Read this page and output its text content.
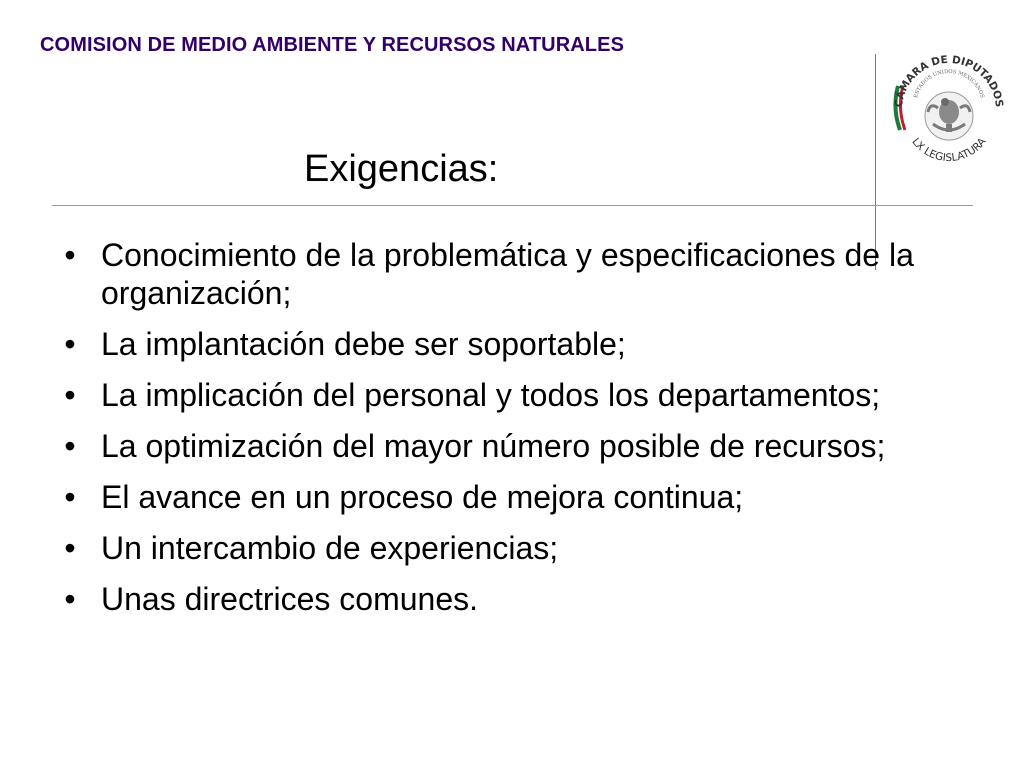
COMISION DE MEDIO AMBIENTE Y RECURSOS NATURALES
CÁMARA DE DIPUTADOS
ESTADOS UNIDOS MEXICANOS
LX LEGISLATURA
Exigencias:
• Conocimiento de la problemática y especificaciones de la organización;
• La implantación debe ser soportable;
• La implicación del personal y todos los departamentos;
• La optimización del mayor número posible de recursos;
• El avance en un proceso de mejora continua;
• Un intercambio de experiencias;
• Unas directrices comunes.
